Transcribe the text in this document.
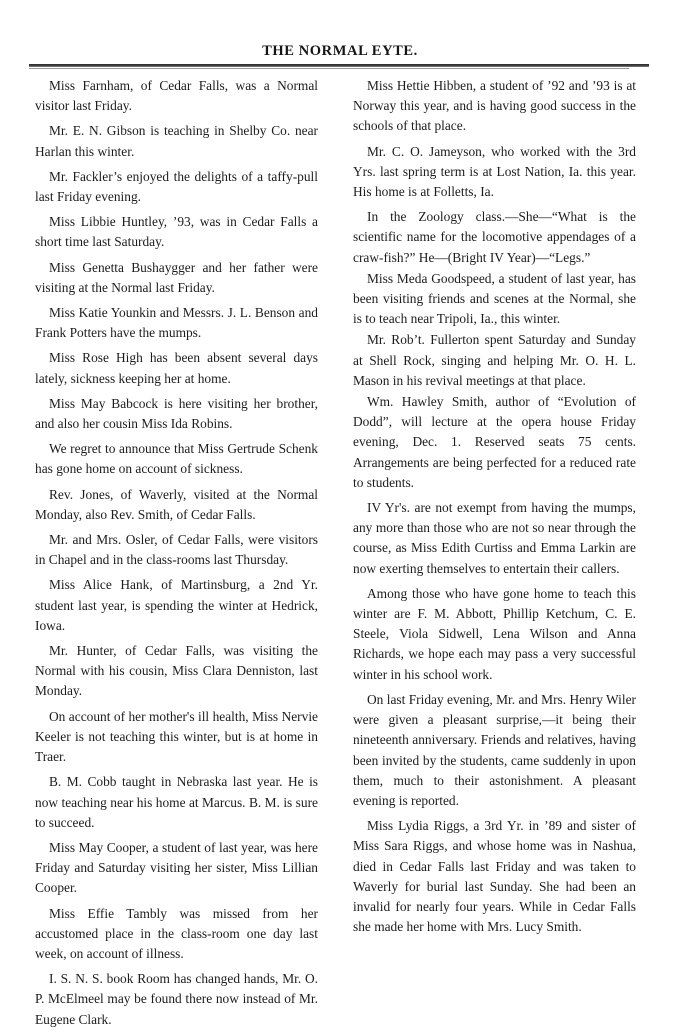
THE NORMAL EYTE.

Miss Farnham, of Cedar Falls, was a Normal visitor last Friday.

Mr. E. N. Gibson is teaching in Shelby Co. near Harlan this winter.

Mr. Fackler’s enjoyed the delights of a taffy-pull last Friday evening.

Miss Libbie Huntley, ’93, was in Cedar Falls a short time last Saturday.

Miss Genetta Bushaygger and her father were visiting at the Normal last Friday.

Miss Katie Younkin and Messrs. J. L. Benson and Frank Potters have the mumps.

Miss Rose High has been absent several days lately, sickness keeping her at home.

Miss May Babcock is here visiting her brother, and also her cousin Miss Ida Robins.

We regret to announce that Miss Gertrude Schenk has gone home on account of sickness.

Rev. Jones, of Waverly, visited at the Normal Monday, also Rev. Smith, of Cedar Falls.

Mr. and Mrs. Osler, of Cedar Falls, were visitors in Chapel and in the class-rooms last Thursday.

Miss Alice Hank, of Martinsburg, a 2nd Yr. student last year, is spending the winter at Hedrick, Iowa.

Mr. Hunter, of Cedar Falls, was visiting the Normal with his cousin, Miss Clara Denniston, last Monday.

On account of her mother's ill health, Miss Nervie Keeler is not teaching this winter, but is at home in Traer.

B. M. Cobb taught in Nebraska last year. He is now teaching near his home at Marcus. B. M. is sure to succeed.

Miss May Cooper, a student of last year, was here Friday and Saturday visiting her sister, Miss Lillian Cooper.

Miss Effie Tambly was missed from her accustomed place in the class-room one day last week, on account of illness.

I. S. N. S. book Room has changed hands, Mr. O. P. McElmeel may be found there now instead of Mr. Eugene Clark.

Miss Hettie Hibben, a student of ’92 and ’93 is at Norway this year, and is having good success in the schools of that place.

Mr. C. O. Jameyson, who worked with the 3rd Yrs. last spring term is at Lost Nation, Ia. this year. His home is at Folletts, Ia.

In the Zoology class.—She—“What is the scientific name for the locomotive appendages of a craw-fish?” He—(Bright IV Year)—“Legs.”

Miss Meda Goodspeed, a student of last year, has been visiting friends and scenes at the Normal, she is to teach near Tripoli, Ia., this winter.

Mr. Rob’t. Fullerton spent Saturday and Sunday at Shell Rock, singing and helping Mr. O. H. L. Mason in his revival meetings at that place.

Wm. Hawley Smith, author of “Evolution of Dodd”, will lecture at the opera house Friday evening, Dec. 1. Reserved seats 75 cents. Arrangements are being perfected for a reduced rate to students.

IV Yr's. are not exempt from having the mumps, any more than those who are not so near through the course, as Miss Edith Curtiss and Emma Larkin are now exerting themselves to entertain their callers.

Among those who have gone home to teach this winter are F. M. Abbott, Phillip Ketchum, C. E. Steele, Viola Sidwell, Lena Wilson and Anna Richards, we hope each may pass a very successful winter in his school work.

On last Friday evening, Mr. and Mrs. Henry Wiler were given a pleasant surprise,—it being their nineteenth anniversary. Friends and relatives, having been invited by the students, came suddenly in upon them, much to their astonishment. A pleasant evening is reported.

Miss Lydia Riggs, a 3rd Yr. in ’89 and sister of Miss Sara Riggs, and whose home was in Nashua, died in Cedar Falls last Friday and was taken to Waverly for burial last Sunday. She had been an invalid for nearly four years. While in Cedar Falls she made her home with Mrs. Lucy Smith.
